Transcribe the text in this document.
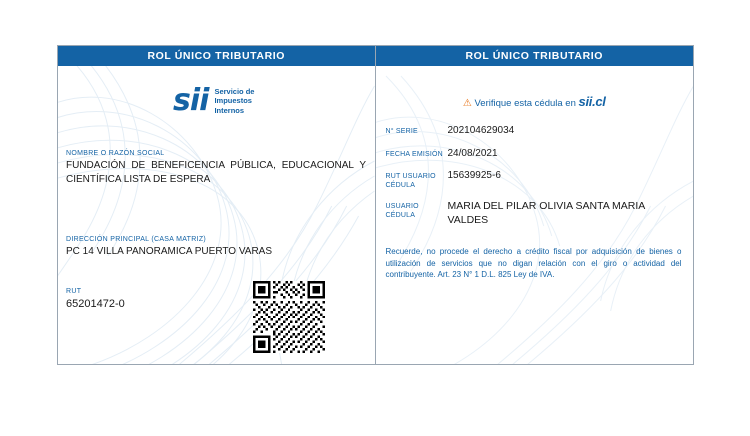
ROL ÚNICO TRIBUTARIO
sii Servicio de
Impuestos
Internos
NOMBRE O RAZÓN SOCIAL
FUNDACIÓN DE BENEFICENCIA PÚBLICA, EDUCACIONAL Y CIENTÍFICA LISTA DE ESPERA
DIRECCIÓN PRINCIPAL (CASA MATRIZ)
PC 14 VILLA PANORAMICA PUERTO VARAS
RUT
65201472-0
ROL ÚNICO TRIBUTARIO
⚠ Verifique esta cédula en sii.cl
N° SERIE	202104629034
FECHA EMISIÓN 24/08/2021
RUT USUARIO CÉDULA
15639925-6
USUARIO CÉDULA
MARIA DEL PILAR OLIVIA SANTA MARIA VALDES
Recuerde, no procede el derecho a crédito fiscal por adquisición de bienes o utilización de servicios que no digan relación con el giro o actividad del contribuyente. Art. 23 N° 1 D.L. 825 Ley de IVA.
